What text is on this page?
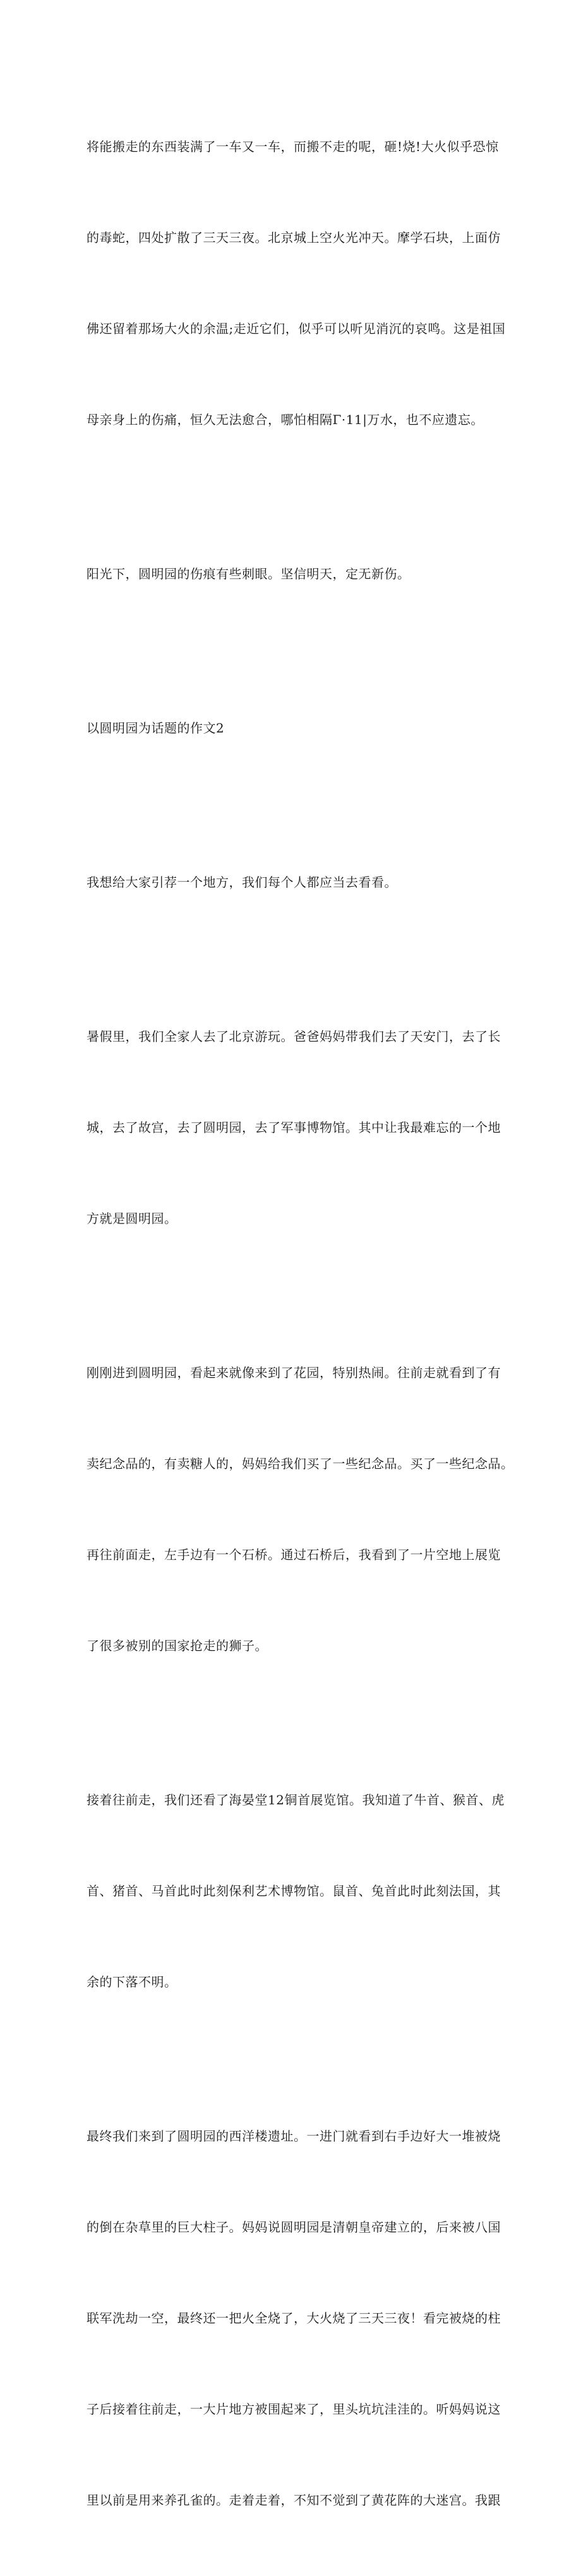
将能搬走的东西装满了一车又一车，而搬不走的呢，砸!烧!大火似乎恐惊

的毒蛇，四处扩散了三天三夜。北京城上空火光冲天。摩学石块，上面仿

佛还留着那场大火的余温;走近它们，似乎可以听见消沉的哀鸣。这是祖国

母亲身上的伤痛，恒久无法愈合，哪怕相隔Γ·11|万水，也不应遗忘。

阳光下，圆明园的伤痕有些刺眼。坚信明天，定无新伤。

以圆明园为话题的作文2

我想给大家引荐一个地方，我们每个人都应当去看看。

暑假里，我们全家人去了北京游玩。爸爸妈妈带我们去了天安门，去了长

城，去了故宫，去了圆明园，去了军事博物馆。其中让我最难忘的一个地

方就是圆明园。

刚刚进到圆明园，看起来就像来到了花园，特别热闹。往前走就看到了有

卖纪念品的，有卖糖人的，妈妈给我们买了一些纪念品。买了一些纪念品。

再往前面走，左手边有一个石桥。通过石桥后，我看到了一片空地上展览

了很多被别的国家抢走的狮子。

接着往前走，我们还看了海晏堂12铜首展览馆。我知道了牛首、猴首、虎

首、猪首、马首此时此刻保利艺术博物馆。鼠首、兔首此时此刻法国，其

余的下落不明。

最终我们来到了圆明园的西洋楼遗址。一进门就看到右手边好大一堆被烧

的倒在杂草里的巨大柱子。妈妈说圆明园是清朝皇帝建立的，后来被八国

联军洗劫一空，最终还一把火全烧了，大火烧了三天三夜！看完被烧的柱

子后接着往前走，一大片地方被围起来了，里头坑坑洼洼的。听妈妈说这

里以前是用来养孔雀的。走着走着，不知不觉到了黄花阵的大迷宫。我跟
